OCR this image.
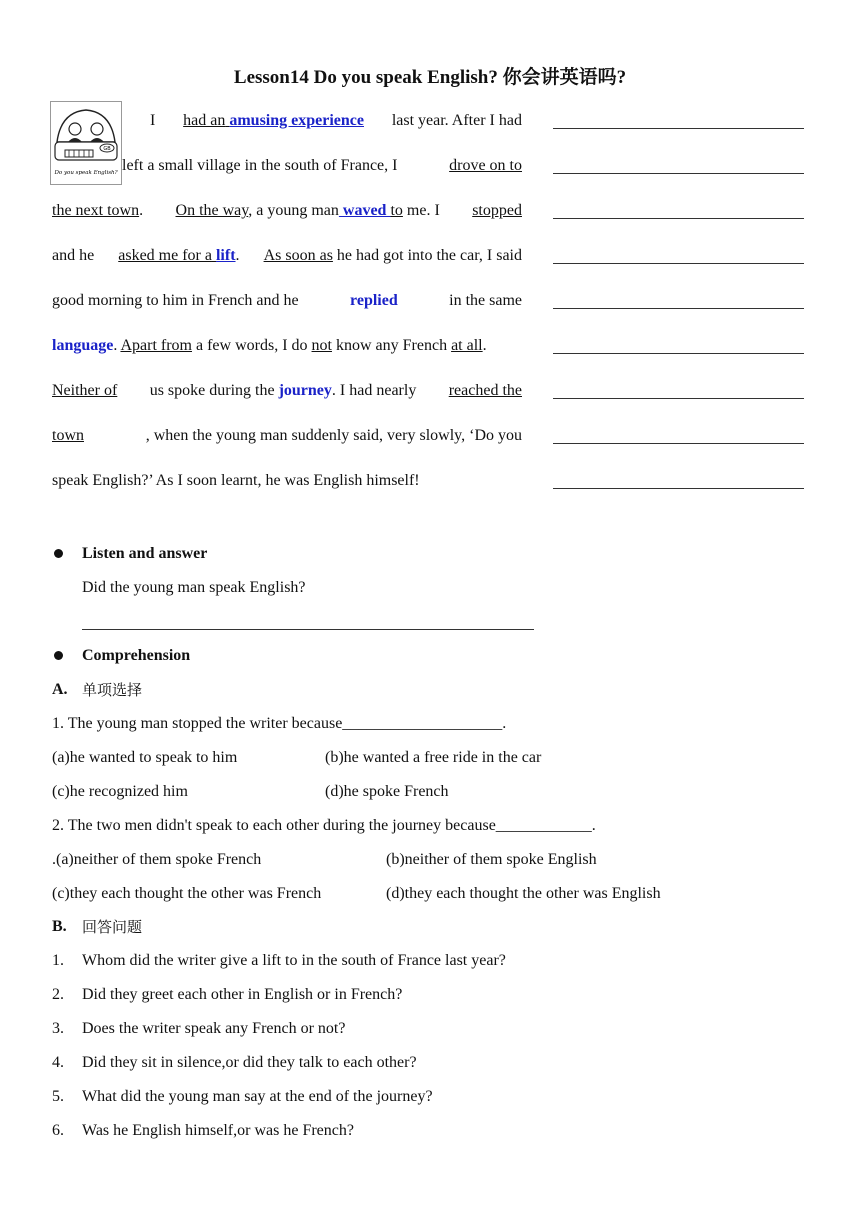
Lesson14 Do you speak English? 你会讲英语吗?
GB
Do you speak English?
I had an amusing experience last year. After I had
left a small village in the south of France, I	drove on to
the next town. On the way, a young man waved to me. I stopped
and he asked me for a lift. As soon as he had got into the car, I said
good morning to him in French and he	replied	in the same
language. Apart from a few words, I do not know any French at all.
Neither of us spoke during the journey. I had nearly reached the
town	, when the young man suddenly said, very slowly, ‘Do you
speak English?’ As I soon learnt, he was English himself!
Listen and answer
Did the young man speak English?
Comprehension
A. 单项选择
1. The young man stopped the writer because____________________.
(a)he wanted to speak to him	(b)he wanted a free ride in the car
(c)he recognized him	(d)he spoke French
2. The two men didn't speak to each other during the journey because____________.
.(a)neither of them spoke French	(b)neither of them spoke English
(c)they each thought the other was French	(d)they each thought the other was English
B. 回答问题
1. Whom did the writer give a lift to in the south of France last year?
2. Did they greet each other in English or in French?
3. Does the writer speak any French or not?
4. Did they sit in silence,or did they talk to each other?
5. What did the young man say at the end of the journey?
6. Was he English himself,or was he French?
